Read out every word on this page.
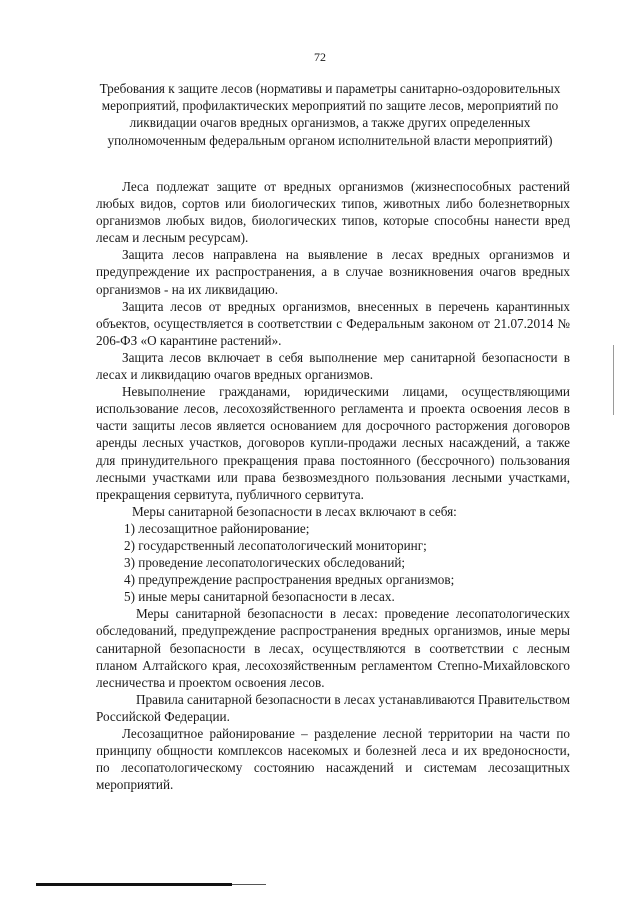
72
Требования к защите лесов (нормативы и параметры санитарно-оздоровительных мероприятий, профилактических мероприятий по защите лесов, мероприятий по ликвидации очагов вредных организмов, а также других определенных уполномоченным федеральным органом исполнительной власти мероприятий)

Леса подлежат защите от вредных организмов (жизнеспособных растений любых видов, сортов или биологических типов, животных либо болезнетворных организмов любых видов, биологических типов, которые способны нанести вред лесам и лесным ресурсам).

Защита лесов направлена на выявление в лесах вредных организмов и предупреждение их распространения, а в случае возникновения очагов вредных организмов - на их ликвидацию.

Защита лесов от вредных организмов, внесенных в перечень карантинных объектов, осуществляется в соответствии с Федеральным законом от 21.07.2014 № 206-ФЗ «О карантине растений».

Защита лесов включает в себя выполнение мер санитарной безопасности в лесах и ликвидацию очагов вредных организмов.

Невыполнение гражданами, юридическими лицами, осуществляющими использование лесов, лесохозяйственного регламента и проекта освоения лесов в части защиты лесов является основанием для досрочного расторжения договоров аренды лесных участков, договоров купли-продажи лесных насаждений, а также для принудительного прекращения права постоянного (бессрочного) пользования лесными участками или права безвозмездного пользования лесными участками, прекращения сервитута, публичного сервитута.

Меры санитарной безопасности в лесах включают в себя:

1) лесозащитное районирование;

2) государственный лесопатологический мониторинг;

3) проведение лесопатологических обследований;

4) предупреждение распространения вредных организмов;

5) иные меры санитарной безопасности в лесах.

Меры санитарной безопасности в лесах: проведение лесопатологических обследований, предупреждение распространения вредных организмов, иные меры санитарной безопасности в лесах, осуществляются в соответствии с лесным планом Алтайского края, лесохозяйственным регламентом Степно-Михайловского лесничества и проектом освоения лесов.

Правила санитарной безопасности в лесах устанавливаются Правительством Российской Федерации.

Лесозащитное районирование – разделение лесной территории на части по принципу общности комплексов насекомых и болезней леса и их вредоносности, по лесопатологическому состоянию насаждений и системам лесозащитных мероприятий.
